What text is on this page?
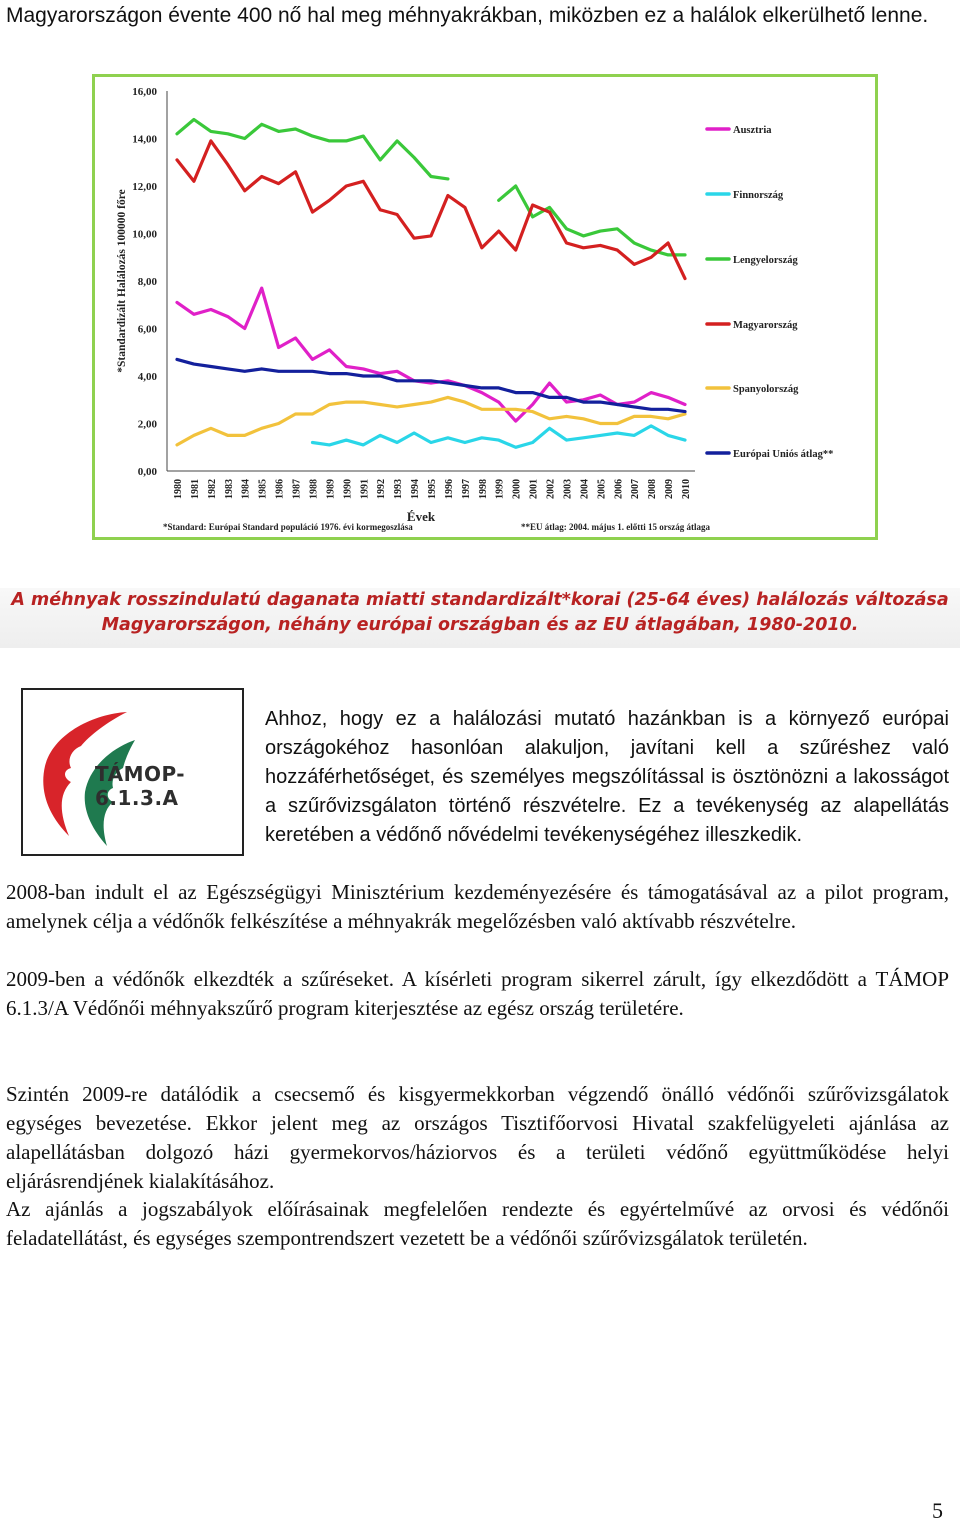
Magyarországon évente 400 nő hal meg méhnyakrákban, miközben ez a halálok elkerülhető lenne.
0,00
2,00
4,00
6,00
8,00
10,00
12,00
14,00
16,00
1980 1981 1982 1983 1984 1985 1986 1987 1988 1989 1990 1991 1992 1993 1994 1995 1996 1997 1998 1999 2000 2001 2002 2003 2004 2005 2006 2007 2008 2009 2010
*Standardizált Halálozás 100000 főre
Évek
Ausztria
Finnország
Lengyelország
Magyarország
Spanyolország
Európai Uniós átlag**
*Standard: Európai Standard populáció 1976. évi kormegoszlása	**EU átlag: 2004. május 1. előtti 15 ország átlaga
A méhnyak rosszindulatú daganata miatti standardizált*korai (25-64 éves) halálozás változása
Magyarországon, néhány európai országban és az EU átlagában, 1980-2010.
TÁMOP-6.1.3.A

Ahhoz, hogy ez a halálozási mutató hazánkban is a környező európai országokéhoz hasonlóan alakuljon, javítani kell a szűréshez való hozzáférhetőséget, és személyes megszólítással is ösztönözni a lakosságot a szűrővizsgálaton történő részvételre. Ez a tevékenység az alapellátás keretében a védőnő nővédelmi tevékenységéhez illeszkedik.

2008-ban indult el az Egészségügyi Minisztérium kezdeményezésére és támogatásával az a pilot program, amelynek célja a védőnők felkészítése a méhnyakrák megelőzésben való aktívabb részvételre.

2009-ben a védőnők elkezdték a szűréseket. A kísérleti program sikerrel zárult, így elkezdődött a TÁMOP 6.1.3/A Védőnői méhnyakszűrő program kiterjesztése az egész ország területére.

Szintén 2009-re datálódik a csecsemő és kisgyermekkorban végzendő önálló védőnői szűrővizsgálatok egységes bevezetése. Ekkor jelent meg az országos Tisztifőorvosi Hivatal szakfelügyeleti ajánlása az alapellátásban dolgozó házi gyermekorvos/háziorvos és a területi védőnő együttműködése helyi eljárásrendjének kialakításához.

Az ajánlás a jogszabályok előírásainak megfelelően rendezte és egyértelművé az orvosi és védőnői feladatellátást, és egységes szempontrendszert vezetett be a védőnői szűrővizsgálatok területén.

5
